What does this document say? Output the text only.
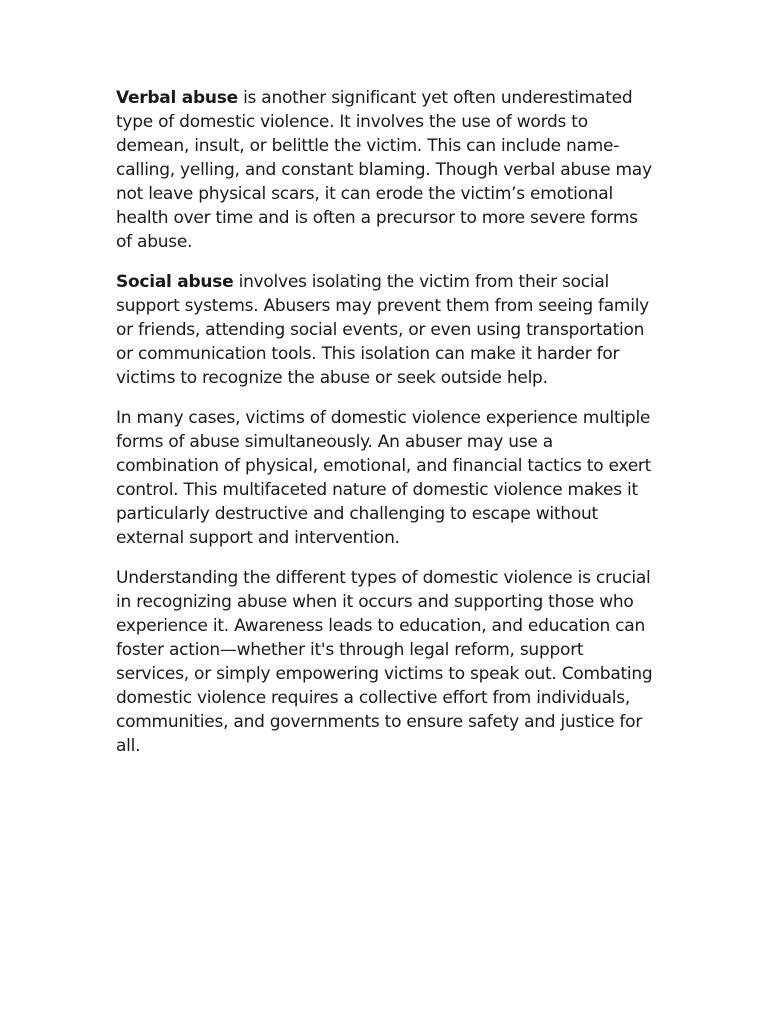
Verbal abuse is another significant yet often underestimated type of domestic violence. It involves the use of words to demean, insult, or belittle the victim. This can include name-calling, yelling, and constant blaming. Though verbal abuse may not leave physical scars, it can erode the victim’s emotional health over time and is often a precursor to more severe forms of abuse.

Social abuse involves isolating the victim from their social support systems. Abusers may prevent them from seeing family or friends, attending social events, or even using transportation or communication tools. This isolation can make it harder for victims to recognize the abuse or seek outside help.

In many cases, victims of domestic violence experience multiple forms of abuse simultaneously. An abuser may use a combination of physical, emotional, and financial tactics to exert control. This multifaceted nature of domestic violence makes it particularly destructive and challenging to escape without external support and intervention.

Understanding the different types of domestic violence is crucial in recognizing abuse when it occurs and supporting those who experience it. Awareness leads to education, and education can foster action—whether it's through legal reform, support services, or simply empowering victims to speak out. Combating domestic violence requires a collective effort from individuals, communities, and governments to ensure safety and justice for all.
